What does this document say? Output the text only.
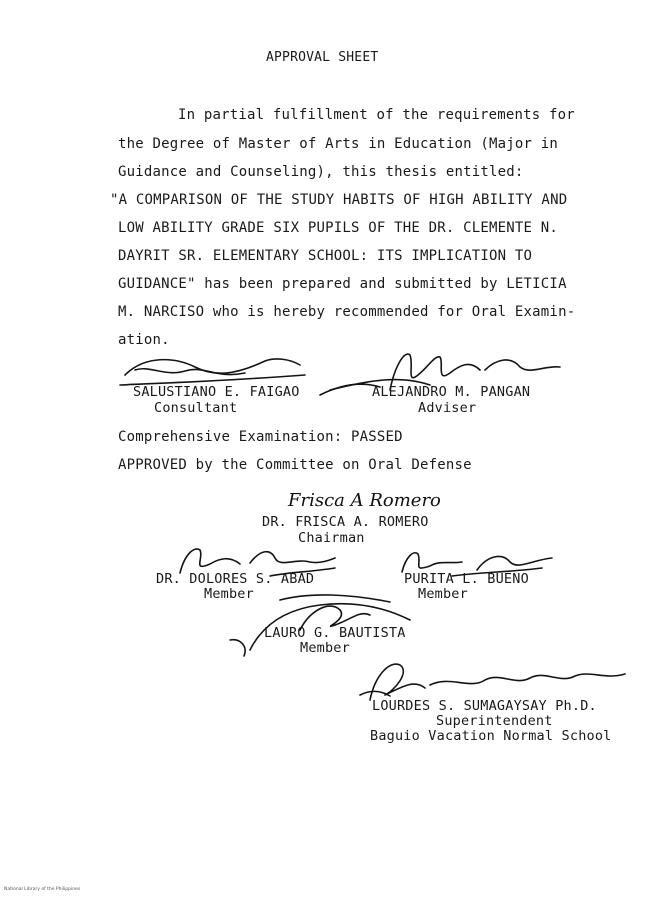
APPROVAL SHEET
In partial fulfillment of the requirements for
the Degree of Master of Arts in Education (Major in
Guidance and Counseling), this thesis entitled:
"A COMPARISON OF THE STUDY HABITS OF HIGH ABILITY AND
LOW ABILITY GRADE SIX PUPILS OF THE DR. CLEMENTE N.
DAYRIT SR. ELEMENTARY SCHOOL: ITS IMPLICATION TO
GUIDANCE" has been prepared and submitted by LETICIA
M. NARCISO who is hereby recommended for Oral Examin-
ation.
SALUSTIANO E. FAIGAO
Consultant
ALEJANDRO M. PANGAN
Adviser
Comprehensive Examination: PASSED
APPROVED by the Committee on Oral Defense
Frisca A Romero
DR. FRISCA A. ROMERO
Chairman
DR. DOLORES S. ABAD
Member
PURITA L. BUENO
Member
LAURO G. BAUTISTA
Member
LOURDES S. SUMAGAYSAY Ph.D.
Superintendent
Baguio Vacation Normal School
National Library of the Philippines
